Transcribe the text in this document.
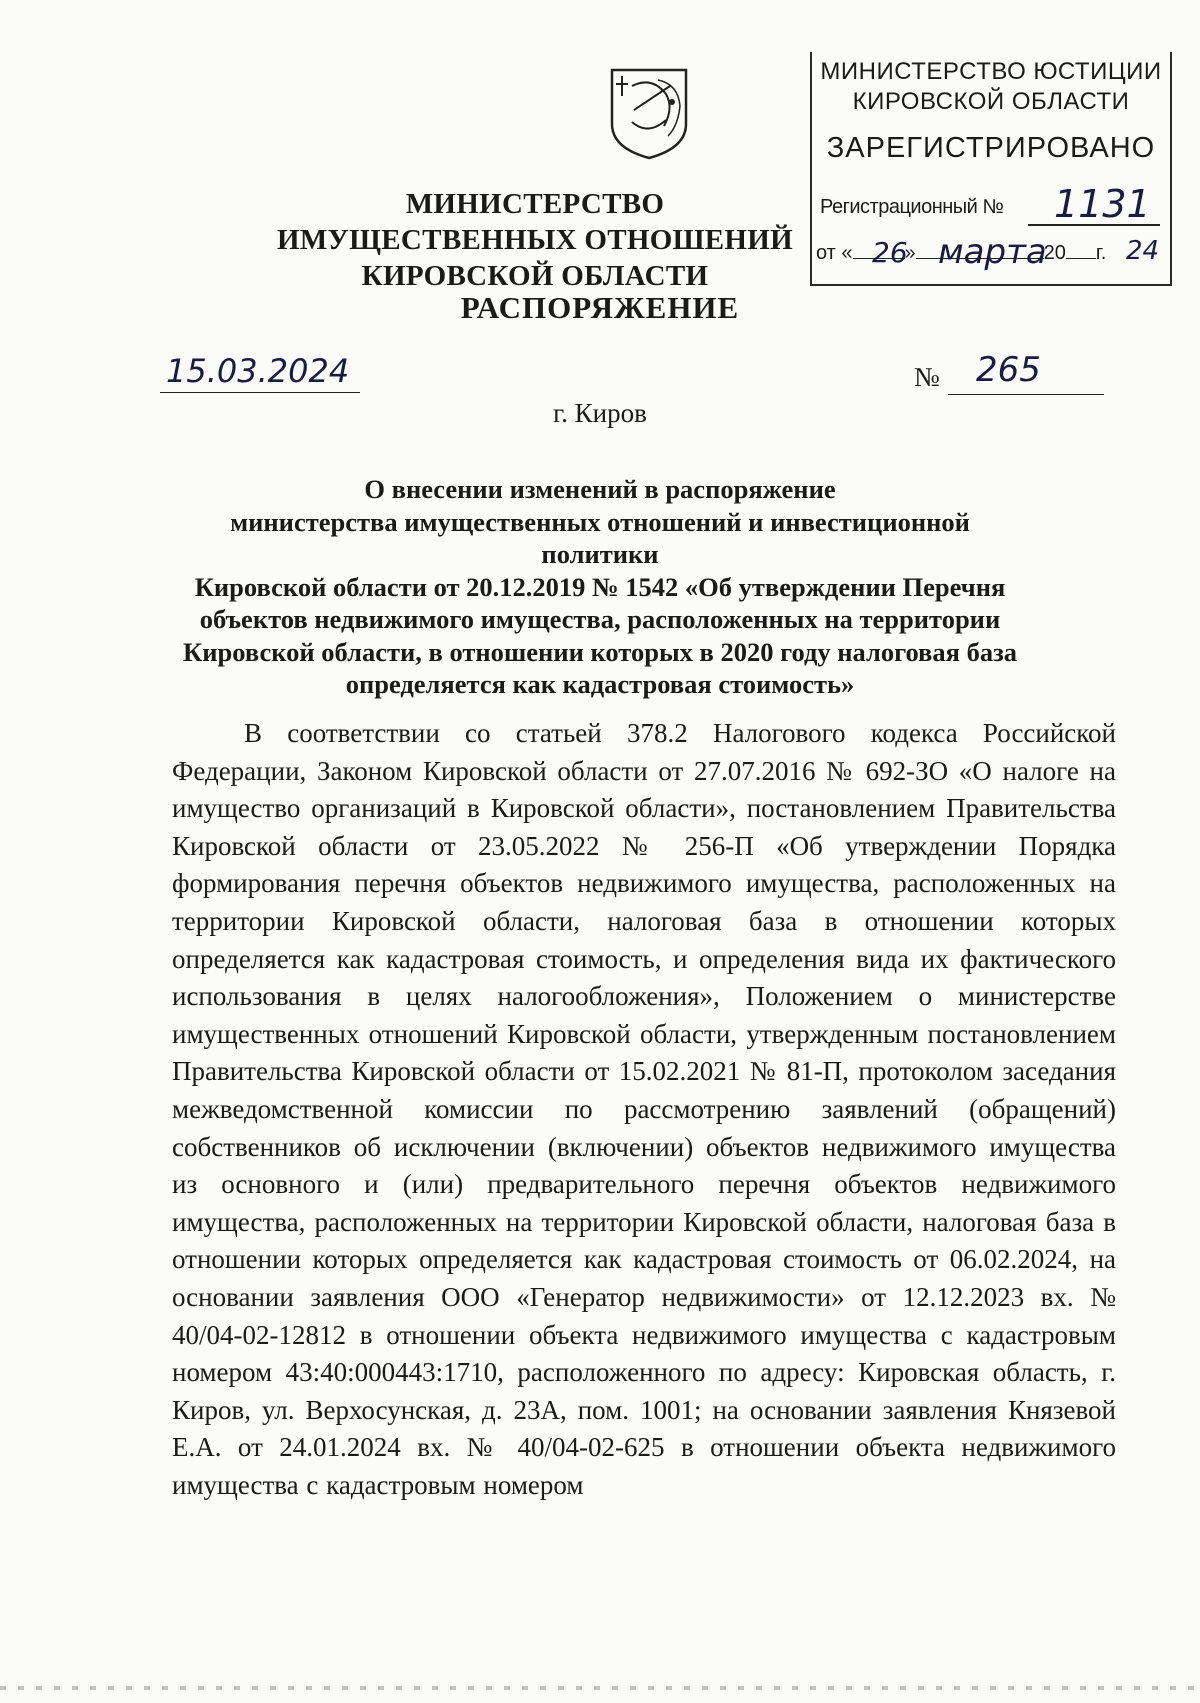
МИНИСТЕРСТВО ИМУЩЕСТВЕННЫХ ОТНОШЕНИЙ
КИРОВСКОЙ ОБЛАСТИ
МИНИСТЕРСТВО ЮСТИЦИИ
КИРОВСКОЙ ОБЛАСТИ
ЗАРЕГИСТРИРОВАНО
Регистрационный № 1131
от «	»	20 г.
26 марта	24
РАСПОРЯЖЕНИЕ
15.03.2024	№ 265
г. Киров
О внесении изменений в распоряжение
министерства имущественных отношений и инвестиционной политики
Кировской области от 20.12.2019 № 1542 «Об утверждении Перечня
объектов недвижимого имущества, расположенных на территории
Кировской области, в отношении которых в 2020 году налоговая база
определяется как кадастровая стоимость»
В соответствии со статьей 378.2 Налогового кодекса Российской Федерации, Законом Кировской области от 27.07.2016 № 692-ЗО «О налоге на имущество организаций в Кировской области», постановлением Правительства Кировской области от 23.05.2022 № 256-П «Об утверждении Порядка формирования перечня объектов недвижимого имущества, расположенных на территории Кировской области, налоговая база в отношении которых определяется как кадастровая стоимость, и определения вида их фактического использования в целях налогообложения», Положением о министерстве имущественных отношений Кировской области, утвержденным постановлением Правительства Кировской области от 15.02.2021 № 81-П, протоколом заседания межведомственной комиссии по рассмотрению заявлений (обращений) собственников об исключении (включении) объектов недвижимого имущества из основного и (или) предварительного перечня объектов недвижимого имущества, расположенных на территории Кировской области, налоговая база в отношении которых определяется как кадастровая стоимость от 06.02.2024, на основании заявления ООО «Генератор недвижимости» от 12.12.2023 вх. № 40/04-02-12812 в отношении объекта недвижимого имущества с кадастровым номером 43:40:000443:1710, расположенного по адресу: Кировская область, г. Киров, ул. Верхосунская, д. 23А, пом. 1001; на основании заявления Князевой Е.А. от 24.01.2024 вх. № 40/04-02-625 в отношении объекта недвижимого имущества с кадастровым номером
